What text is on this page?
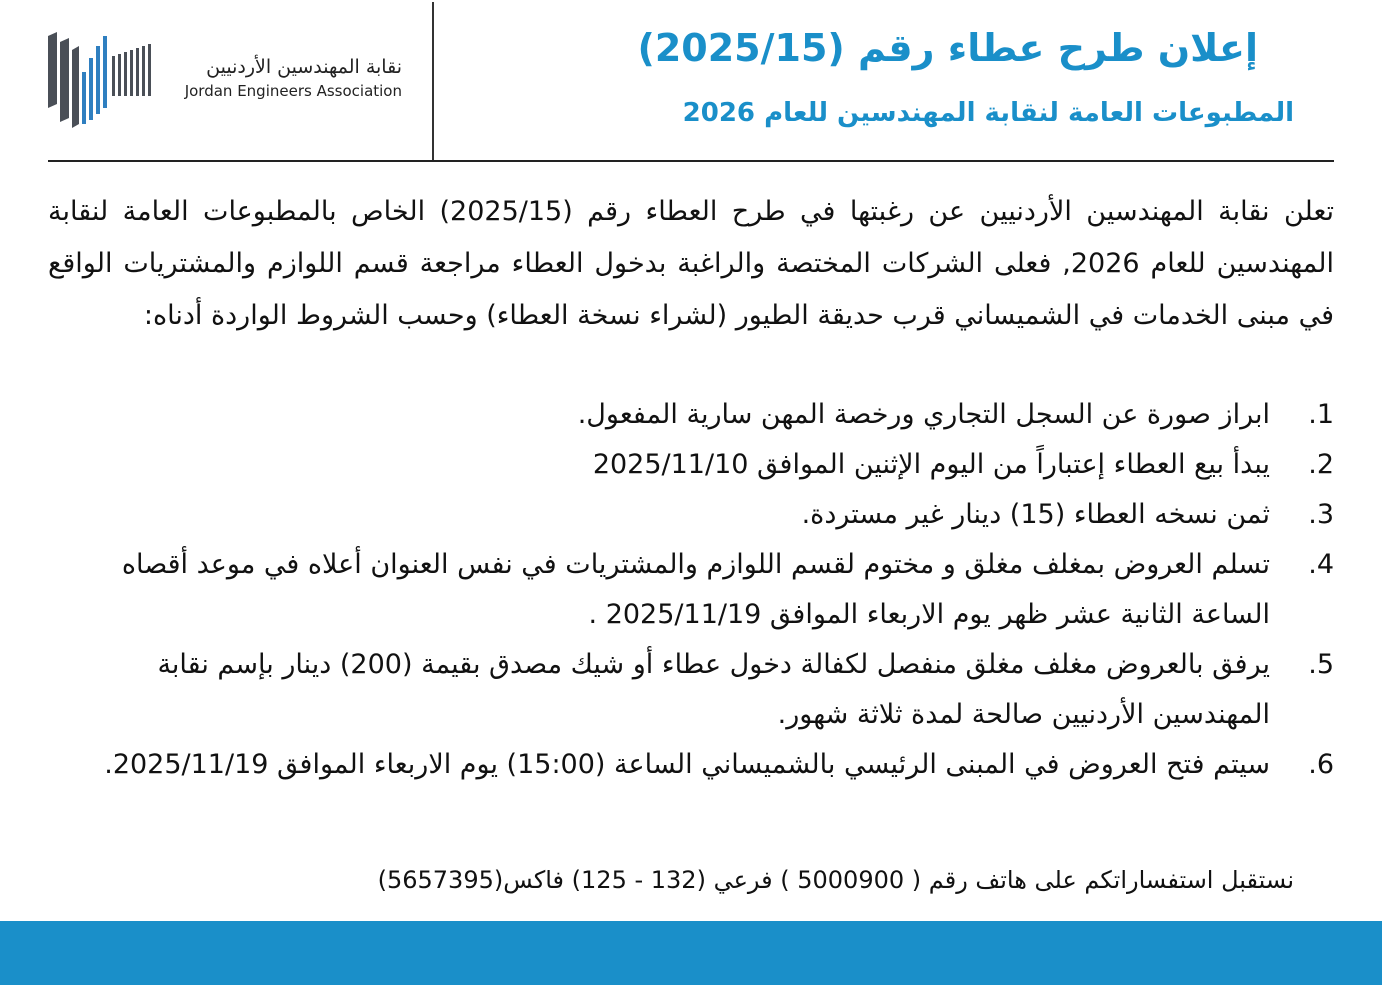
نقابة المهندسين الأردنيين
Jordan Engineers Association
إعلان طرح عطاء رقم (2025/15)
المطبوعات العامة لنقابة المهندسين للعام 2026

تعلن نقابة المهندسين الأردنيين عن رغبتها في طرح العطاء رقم (2025/15) الخاص بالمطبوعات العامة لنقابة المهندسين للعام 2026, فعلى الشركات المختصة والراغبة بدخول العطاء مراجعة قسم اللوازم والمشتريات الواقع في مبنى الخدمات في الشميساني قرب حديقة الطيور (لشراء نسخة العطاء) وحسب الشروط الواردة أدناه:

1.
ابراز صورة عن السجل التجاري ورخصة المهن سارية المفعول.
2.
يبدأ بيع العطاء إعتباراً من اليوم الإثنين الموافق 2025/11/10
3.
ثمن نسخه العطاء (15) دينار غير مستردة.
4.
تسلم العروض بمغلف مغلق و مختوم لقسم اللوازم والمشتريات في نفس العنوان أعلاه في موعد أقصاه الساعة الثانية عشر ظهر يوم الاربعاء الموافق 2025/11/19 .
5.
يرفق بالعروض مغلف مغلق منفصل لكفالة دخول عطاء أو شيك مصدق بقيمة (200) دينار بإسم نقابة المهندسين الأردنيين صالحة لمدة ثلاثة شهور.
6.
سيتم فتح العروض في المبنى الرئيسي بالشميساني الساعة (15:00) يوم الاربعاء الموافق 2025/11/19.
نستقبل استفساراتكم على هاتف رقم ( 5000900 ) فرعي (132 - 125) فاكس(5657395)
